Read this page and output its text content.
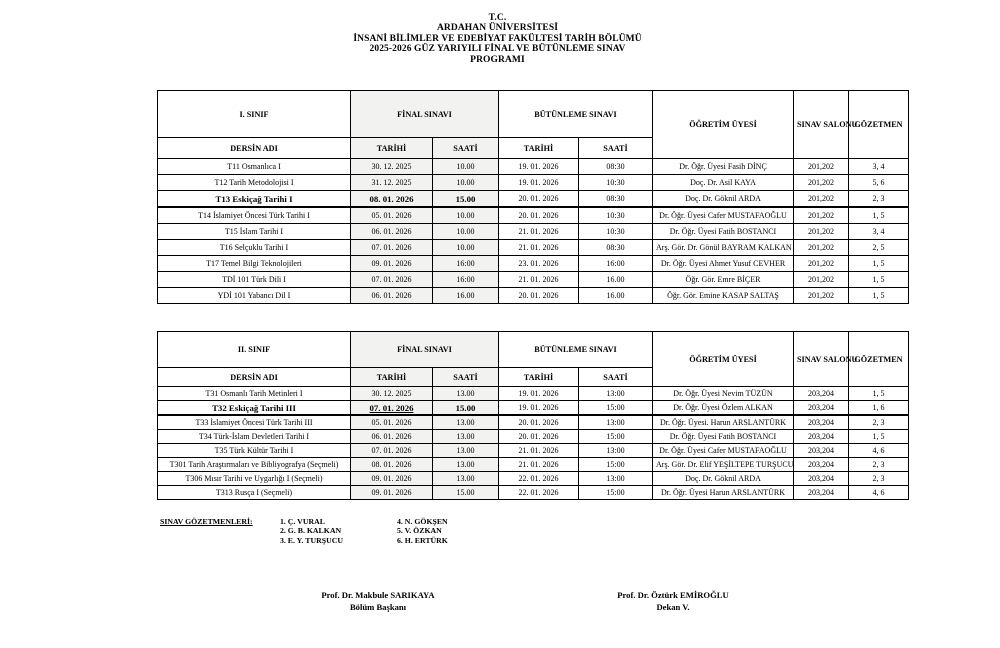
T.C.
ARDAHAN ÜNİVERSİTESİ
İNSANİ BİLİMLER VE EDEBİYAT FAKÜLTESİ TARİH BÖLÜMÜ
2025-2026 GÜZ YARIYILI FİNAL VE BÜTÜNLEME SINAV
PROGRAMI
I. SINIF	FİNAL SINAVI		BÜTÜNLEME SINAVI		ÖĞRETİM ÜYESİ	SINAV SALONU	GÖZETMEN
DERSİN ADI	TARİHİ	SAATİ	TARİHİ	SAATİ			
T11 Osmanlıca I	30. 12. 2025	10.00	19. 01. 2026	08:30	Dr. Öğr. Üyesi Fasih DİNÇ	201,202	3, 4
T12 Tarih Metodolojisi I	31. 12. 2025	10.00	19. 01. 2026	10:30	Doç. Dr. Asil KAYA	201,202	5, 6
T13 Eskiçağ Tarihi I	08. 01. 2026	15.00	20. 01. 2026	08:30	Doç. Dr. Göknil ARDA	201,202	2, 3
T14 İslamiyet Öncesi Türk Tarihi I	05. 01. 2026	10.00	20. 01. 2026	10:30	Dr. Öğr. Üyesi Cafer MUSTAFAOĞLU	201,202	1, 5
T15 İslam Tarihi I	06. 01. 2026	10.00	21. 01. 2026	10:30	Dr. Öğr. Üyesi Fatih BOSTANCI	201,202	3, 4
T16 Selçuklu Tarihi I	07. 01. 2026	10.00	21. 01. 2026	08:30	Arş. Gör. Dr. Gönül BAYRAM KALKAN	201,202	2, 5
T17 Temel Bilgi Teknolojileri	09. 01. 2026	16:00	23. 01. 2026	16:00	Dr. Öğr. Üyesi Ahmet Yusuf CEVHER	201,202	1, 5
TDİ 101 Türk Dili I	07. 01. 2026	16:00	21. 01. 2026	16.00	Öğr. Gör. Emre BİÇER	201,202	1, 5
YDİ 101 Yabancı Dil I	06. 01. 2026	16.00	20. 01. 2026	16.00	Öğr. Gör. Emine KASAP SALTAŞ	201,202	1, 5
II. SINIF	FİNAL SINAVI		BÜTÜNLEME SINAVI		ÖĞRETİM ÜYESİ	SINAV SALONU	GÖZETMEN
DERSİN ADI	TARİHİ	SAATİ	TARİHİ	SAATİ			
T31 Osmanlı Tarih Metinleri I	30. 12. 2025	13.00	19. 01. 2026	13:00	Dr. Öğr. Üyesi Nevim TÜZÜN	203,204	1, 5
T32 Eskiçağ Tarihi III	07. 01. 2026	15.00	19. 01. 2026	15:00	Dr. Öğr. Üyesi Özlem ALKAN	203,204	1, 6
T33 İslamiyet Öncesi Türk Tarihi III	05. 01. 2026	13.00	20. 01. 2026	13:00	Dr. Öğr. Üyesi. Harun ARSLANTÜRK	203,204	2, 3
T34 Türk-İslam Devletleri Tarihi I	06. 01. 2026	13.00	20. 01. 2026	15:00	Dr. Öğr. Üyesi Fatih BOSTANCI	203,204	1, 5
T35 Türk Kültür Tarihi I	07. 01. 2026	13.00	21. 01. 2026	13:00	Dr. Öğr. Üyesi Cafer MUSTAFAOĞLU	203,204	4, 6
T301 Tarih Araştırmaları ve Bibliyografya (Seçmeli)	08. 01. 2026	13.00	21. 01. 2026	15:00	Arş. Gör. Dr. Elif YEŞİLTEPE TURŞUCU	203,204	2, 3
T306 Mısır Tarihi ve Uygarlığı I (Seçmeli)	09. 01. 2026	13.00	22. 01. 2026	13:00	Doç. Dr. Göknil ARDA	203,204	2, 3
T313 Rusça I (Seçmeli)	09. 01. 2026	15.00	22. 01. 2026	15:00	Dr. Öğr. Üyesi Harun ARSLANTÜRK	203,204	4, 6
SINAV GÖZETMENLERİ:	1. Ç. VURAL
2. G. B. KALKAN
3. E. Y. TURŞUCU
4. N. GÖKŞEN
5. V. ÖZKAN
6. H. ERTÜRK
Prof. Dr. Makbule SARIKAYA
Bölüm Başkanı
Prof. Dr. Öztürk EMİROĞLU
Dekan V.
